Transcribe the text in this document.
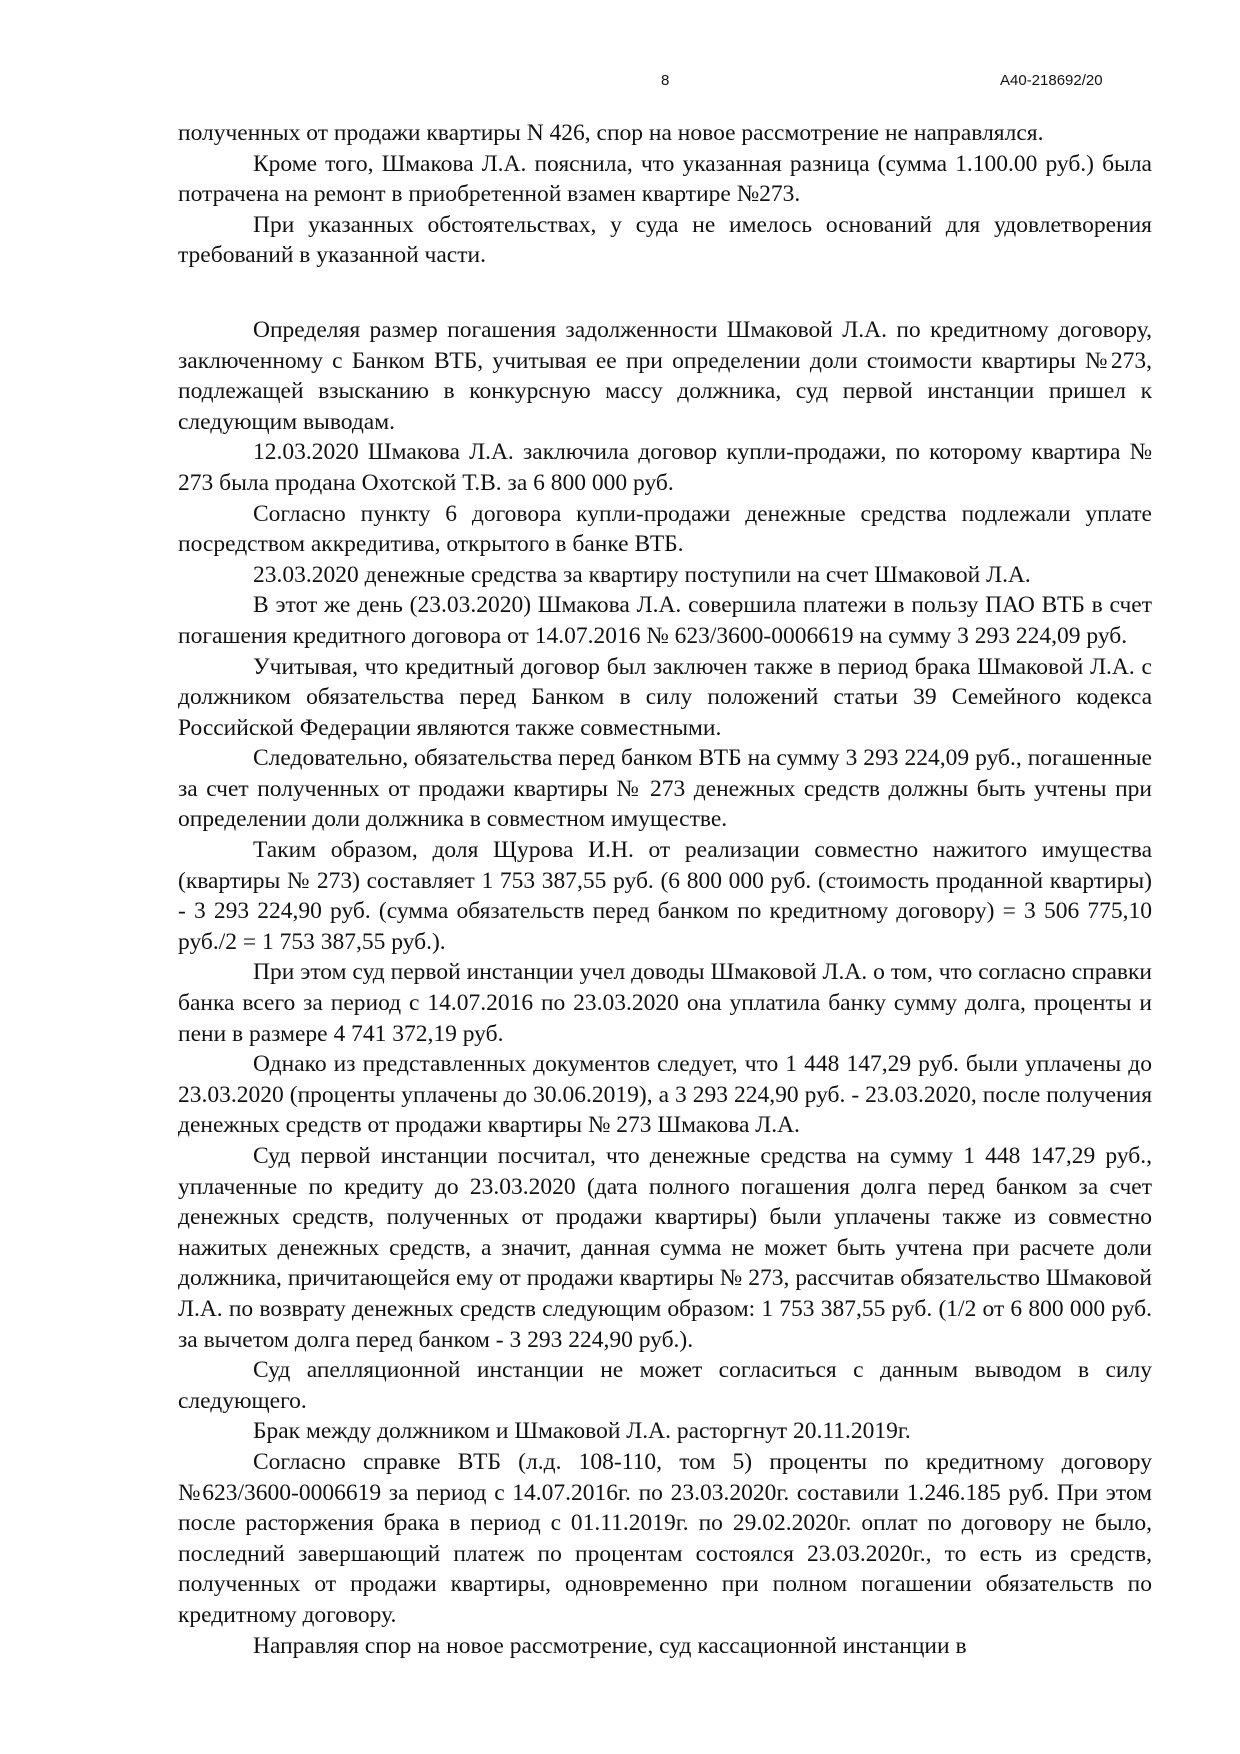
8	А40-218692/20

полученных от продажи квартиры N 426, спор на новое рассмотрение не направлялся.

Кроме того, Шмакова Л.А. пояснила, что указанная разница (сумма 1.100.00 руб.) была потрачена на ремонт в приобретенной взамен квартире №273.

При указанных обстоятельствах, у суда не имелось оснований для удовлетворения требований в указанной части.

Определяя размер погашения задолженности Шмаковой Л.А. по кредитному договору, заключенному с Банком ВТБ, учитывая ее при определении доли стоимости квартиры №273, подлежащей взысканию в конкурсную массу должника, суд первой инстанции пришел к следующим выводам.

12.03.2020 Шмакова Л.А. заключила договор купли-продажи, по которому квартира № 273 была продана Охотской Т.В. за 6 800 000 руб.

Согласно пункту 6 договора купли-продажи денежные средства подлежали уплате посредством аккредитива, открытого в банке ВТБ.

23.03.2020 денежные средства за квартиру поступили на счет Шмаковой Л.А.

В этот же день (23.03.2020) Шмакова Л.А. совершила платежи в пользу ПАО ВТБ в счет погашения кредитного договора от 14.07.2016 № 623/3600-0006619 на сумму 3 293 224,09 руб.

Учитывая, что кредитный договор был заключен также в период брака Шмаковой Л.А. с должником обязательства перед Банком в силу положений статьи 39 Семейного кодекса Российской Федерации являются также совместными.

Следовательно, обязательства перед банком ВТБ на сумму 3 293 224,09 руб., погашенные за счет полученных от продажи квартиры № 273 денежных средств должны быть учтены при определении доли должника в совместном имуществе.

Таким образом, доля Щурова И.Н. от реализации совместно нажитого имущества (квартиры № 273) составляет 1 753 387,55 руб. (6 800 000 руб. (стоимость проданной квартиры) - 3 293 224,90 руб. (сумма обязательств перед банком по кредитному договору) = 3 506 775,10 руб./2 = 1 753 387,55 руб.).

При этом суд первой инстанции учел доводы Шмаковой Л.А. о том, что согласно справки банка всего за период с 14.07.2016 по 23.03.2020 она уплатила банку сумму долга, проценты и пени в размере 4 741 372,19 руб.

Однако из представленных документов следует, что 1 448 147,29 руб. были уплачены до 23.03.2020 (проценты уплачены до 30.06.2019), а 3 293 224,90 руб. - 23.03.2020, после получения денежных средств от продажи квартиры № 273 Шмакова Л.А.

Суд первой инстанции посчитал, что денежные средства на сумму 1 448 147,29 руб., уплаченные по кредиту до 23.03.2020 (дата полного погашения долга перед банком за счет денежных средств, полученных от продажи квартиры) были уплачены также из совместно нажитых денежных средств, а значит, данная сумма не может быть учтена при расчете доли должника, причитающейся ему от продажи квартиры № 273, рассчитав обязательство Шмаковой Л.А. по возврату денежных средств следующим образом: 1 753 387,55 руб. (1/2 от 6 800 000 руб. за вычетом долга перед банком - 3 293 224,90 руб.).

Суд апелляционной инстанции не может согласиться с данным выводом в силу следующего.

Брак между должником и Шмаковой Л.А. расторгнут 20.11.2019г.

Согласно справке ВТБ (л.д. 108-110, том 5) проценты по кредитному договору №623/3600-0006619 за период с 14.07.2016г. по 23.03.2020г. составили 1.246.185 руб. При этом после расторжения брака в период с 01.11.2019г. по 29.02.2020г. оплат по договору не было, последний завершающий платеж по процентам состоялся 23.03.2020г., то есть из средств, полученных от продажи квартиры, одновременно при полном погашении обязательств по кредитному договору.

Направляя спор на новое рассмотрение, суд кассационной инстанции в
